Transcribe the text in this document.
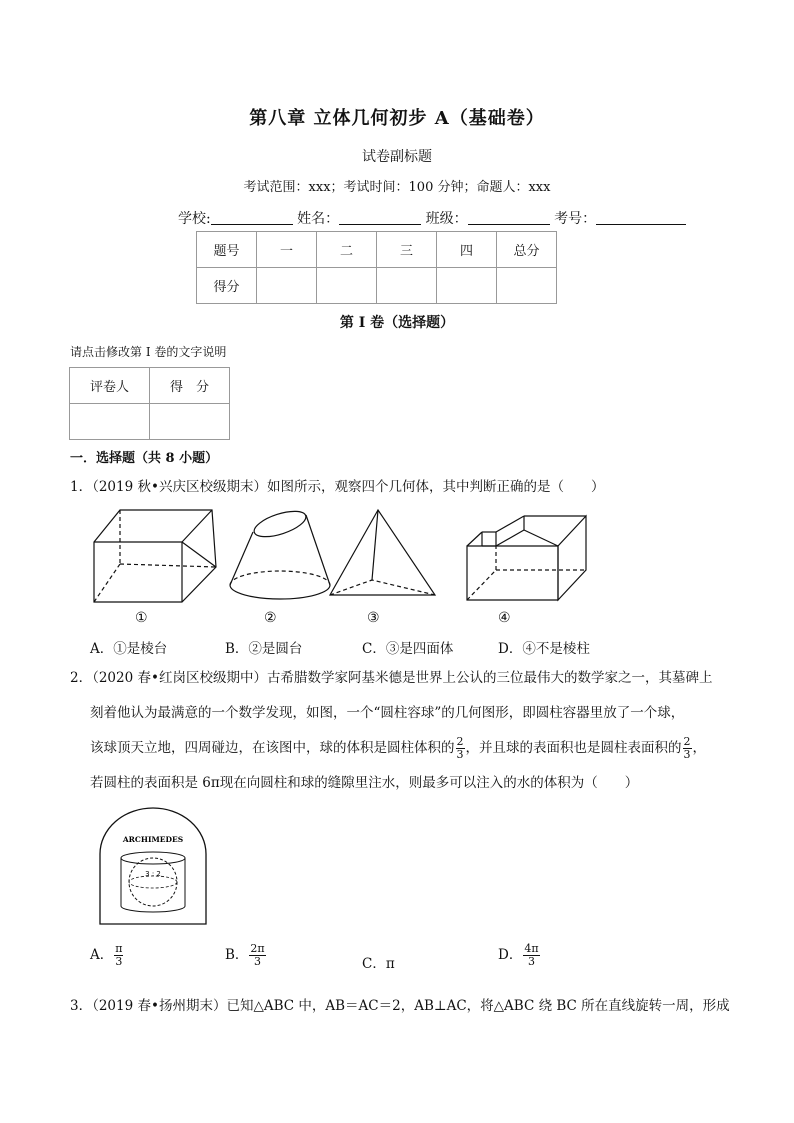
第八章 立体几何初步 A（基础卷）
试卷副标题
考试范围：xxx；考试时间：100 分钟；命题人：xxx
学校:	姓名：	班级：	考号：
题号	一	二	三	四	总分
得分					
第 I 卷（选择题）
请点击修改第 I 卷的文字说明
评卷人	得　分

一．选择题（共 8 小题）
1．（2019 秋•兴庆区校级期末）如图所示，观察四个几何体，其中判断正确的是（　　）
①	②	③	④
A．①是棱台	B．②是圆台	C．③是四面体	D．④不是棱柱
2．（2020 春•红岗区校级期中）古希腊数学家阿基米德是世界上公认的三位最伟大的数学家之一，其墓碑上
刻着他认为最满意的一个数学发现，如图，一个“圆柱容球”的几何图形，即圆柱容器里放了一个球，
该球顶天立地，四周碰边，在该图中，球的体积是圆柱体积的 $\frac{2}{3}$ ，并且球的表面积也是圆柱表面积的 $\frac{2}{3}$ ，
若圆柱的表面积是 6π现在向圆柱和球的缝隙里注水，则最多可以注入的水的体积为（　　）
ARCHIMEDES
3 : 2
A． $\frac{\pi}{3}$	B． $\frac{2\pi}{3}$	C．π
D． $\frac{4\pi}{3}$
3．（2019 春•扬州期末）已知△ABC 中，AB＝AC＝2，AB⊥AC，将△ABC 绕 BC 所在直线旋转一周，形成
